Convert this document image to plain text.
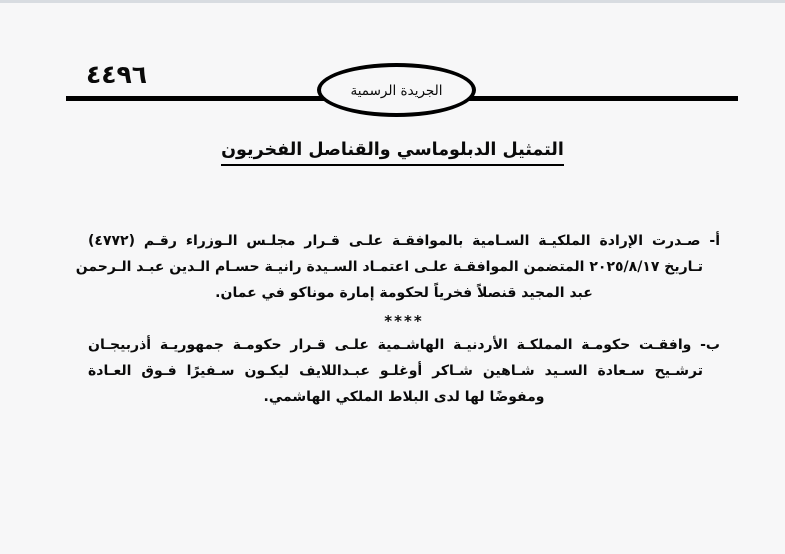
٤٤٩٦
الجريدة الرسمية
التمثيل الدبلوماسي والقناصل الفخريون
أ- صـدرت الإرادة الملكيـة السـامية بالموافقـة علـى قـرار مجلـس الـوزراء رقـم (٤٧٧٢)
تـاريخ ٢٠٢٥/٨/١٧ المتضمن الموافقـة علـى اعتمـاد السـيدة رانيـة حسـام الـدين عبـد الـرحمن
عبد المجيد قنصلاً فخرياً لحكومة إمارة موناكو في عمان.
****
ب- وافقـت حكومـة المملكـة الأردنيـة الهاشـمية علـى قـرار حكومـة جمهوريـة أذربيجـان
ترشـيح سـعادة السـيد شـاهين شـاكر أوغلـو عبـداللايف ليكـون سـفيرًا فـوق العـادة
ومفوضًا لها لدى البلاط الملكي الهاشمي.
